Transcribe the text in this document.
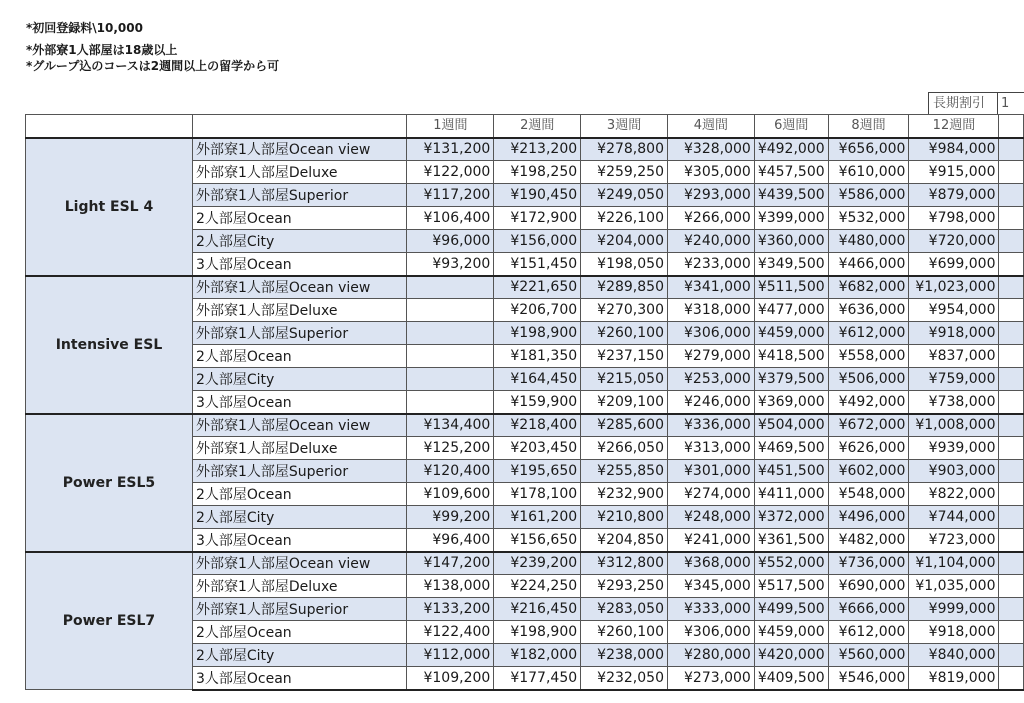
*初回登録料\10,000
*外部寮1人部屋は18歳以上
*グループ込のコースは2週間以上の留学から可
長期割引 1
		1週間	2週間	3週間	4週間	6週間	8週間	12週間	
Light ESL 4	外部寮1人部屋Ocean view	¥131,200	¥213,200	¥278,800	¥328,000	¥492,000	¥656,000	¥984,000	
	外部寮1人部屋Deluxe	¥122,000	¥198,250	¥259,250	¥305,000	¥457,500	¥610,000	¥915,000	
	外部寮1人部屋Superior	¥117,200	¥190,450	¥249,050	¥293,000	¥439,500	¥586,000	¥879,000	
	2人部屋Ocean	¥106,400	¥172,900	¥226,100	¥266,000	¥399,000	¥532,000	¥798,000	
	2人部屋City	¥96,000	¥156,000	¥204,000	¥240,000	¥360,000	¥480,000	¥720,000	
	3人部屋Ocean	¥93,200	¥151,450	¥198,050	¥233,000	¥349,500	¥466,000	¥699,000	
Intensive ESL	外部寮1人部屋Ocean view		¥221,650	¥289,850	¥341,000	¥511,500	¥682,000	¥1,023,000	
	外部寮1人部屋Deluxe		¥206,700	¥270,300	¥318,000	¥477,000	¥636,000	¥954,000	
	外部寮1人部屋Superior		¥198,900	¥260,100	¥306,000	¥459,000	¥612,000	¥918,000	
	2人部屋Ocean		¥181,350	¥237,150	¥279,000	¥418,500	¥558,000	¥837,000	
	2人部屋City		¥164,450	¥215,050	¥253,000	¥379,500	¥506,000	¥759,000	
	3人部屋Ocean		¥159,900	¥209,100	¥246,000	¥369,000	¥492,000	¥738,000	
Power ESL5	外部寮1人部屋Ocean view	¥134,400	¥218,400	¥285,600	¥336,000	¥504,000	¥672,000	¥1,008,000	
	外部寮1人部屋Deluxe	¥125,200	¥203,450	¥266,050	¥313,000	¥469,500	¥626,000	¥939,000	
	外部寮1人部屋Superior	¥120,400	¥195,650	¥255,850	¥301,000	¥451,500	¥602,000	¥903,000	
	2人部屋Ocean	¥109,600	¥178,100	¥232,900	¥274,000	¥411,000	¥548,000	¥822,000	
	2人部屋City	¥99,200	¥161,200	¥210,800	¥248,000	¥372,000	¥496,000	¥744,000	
	3人部屋Ocean	¥96,400	¥156,650	¥204,850	¥241,000	¥361,500	¥482,000	¥723,000	
Power ESL7	外部寮1人部屋Ocean view	¥147,200	¥239,200	¥312,800	¥368,000	¥552,000	¥736,000	¥1,104,000	
	外部寮1人部屋Deluxe	¥138,000	¥224,250	¥293,250	¥345,000	¥517,500	¥690,000	¥1,035,000	
	外部寮1人部屋Superior	¥133,200	¥216,450	¥283,050	¥333,000	¥499,500	¥666,000	¥999,000	
	2人部屋Ocean	¥122,400	¥198,900	¥260,100	¥306,000	¥459,000	¥612,000	¥918,000	
	2人部屋City	¥112,000	¥182,000	¥238,000	¥280,000	¥420,000	¥560,000	¥840,000	
	3人部屋Ocean	¥109,200	¥177,450	¥232,050	¥273,000	¥409,500	¥546,000	¥819,000	
